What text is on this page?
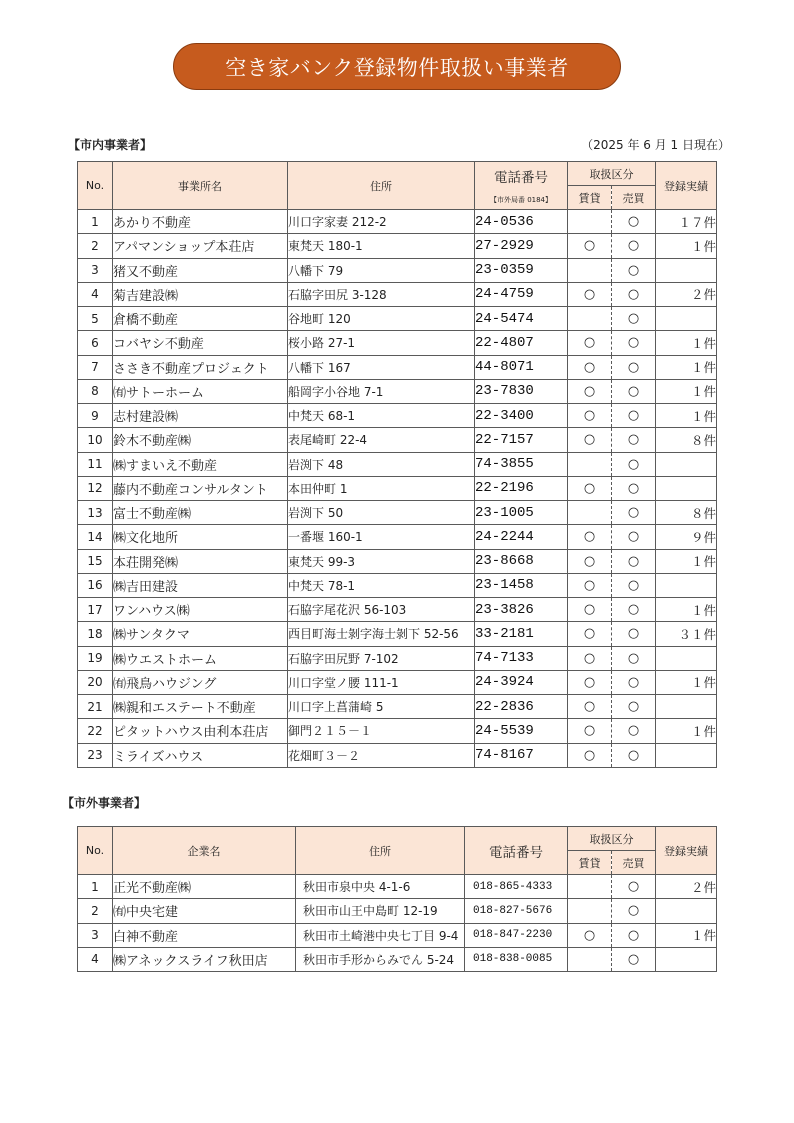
空き家バンク登録物件取扱い事業者
【市内事業者】	（2025 年 6 月 1 日現在）
No.	事業所名	住所	電話番号
【市外局番 0184】	取扱区分		登録実績
				賃貸	売買	
1	あかり不動産	川口字家妻 212-2	24-0536		○	１７件
2	アパマンショップ本荘店	東梵天 180-1	27-2929	○	○	１件
3	猪又不動産	八幡下 79	23-0359		○	
4	菊吉建設㈱	石脇字田尻 3-128	24-4759	○	○	２件
5	倉橋不動産	谷地町 120	24-5474		○	
6	コバヤシ不動産	桜小路 27-1	22-4807	○	○	１件
7	ささき不動産プロジェクト	八幡下 167	44-8071	○	○	１件
8	㈲サトーホーム	船岡字小谷地 7-1	23-7830	○	○	１件
9	志村建設㈱	中梵天 68-1	22-3400	○	○	１件
10	鈴木不動産㈱	表尾崎町 22-4	22-7157	○	○	８件
11	㈱すまいえ不動産	岩渕下 48	74-3855		○	
12	藤内不動産コンサルタント	本田仲町 1	22-2196	○	○	
13	富士不動産㈱	岩渕下 50	23-1005		○	８件
14	㈱文化地所	一番堰 160-1	24-2244	○	○	９件
15	本荘開発㈱	東梵天 99-3	23-8668	○	○	１件
16	㈱吉田建設	中梵天 78-1	23-1458	○	○	
17	ワンハウス㈱	石脇字尾花沢 56-103	23-3826	○	○	１件
18	㈱サンタクマ	西目町海士剝字海士剝下 52-56	33-2181	○	○	３１件
19	㈱ウエストホーム	石脇字田尻野 7-102	74-7133	○	○	
20	㈲飛鳥ハウジング	川口字堂ノ腰 111-1	24-3924	○	○	１件
21	㈱親和エステート不動産	川口字上菖蒲崎 5	22-2836	○	○	
22	ピタットハウス由利本荘店	御門２１５－１	24-5539	○	○	１件
23	ミライズハウス	花畑町３－２	74-8167	○	○	
【市外事業者】
No.	企業名	住所	電話番号	取扱区分		登録実績
				賃貸	売買	
1	正光不動産㈱	秋田市泉中央 4-1-6	018-865-4333		○	２件
2	㈲中央宅建	秋田市山王中島町 12-19	018-827-5676		○	
3	白神不動産	秋田市土崎港中央七丁目 9-4	018-847-2230	○	○	１件
4	㈱アネックスライフ秋田店	秋田市手形からみでん 5-24	018-838-0085		○	
